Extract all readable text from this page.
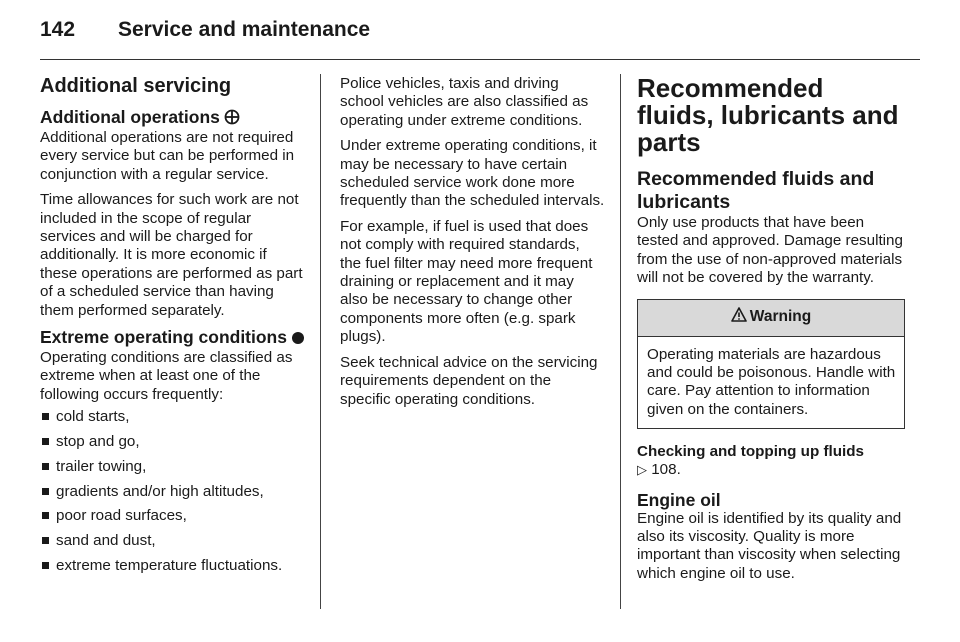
142 Service and maintenance
Additional servicing
Additional operations

Additional operations are not required every service but can be performed in conjunction with a regular service.

Time allowances for such work are not included in the scope of regular services and will be charged for additionally. It is more economic if these operations are performed as part of a scheduled service than having them performed separately.

Extreme operating conditions

Operating conditions are classified as extreme when at least one of the following occurs frequently:

cold starts,
stop and go,
trailer towing,
gradients and/or high altitudes,
poor road surfaces,
sand and dust,
extreme temperature fluctuations.

Police vehicles, taxis and driving school vehicles are also classified as operating under extreme conditions.

Under extreme operating conditions, it may be necessary to have certain scheduled service work done more frequently than the scheduled intervals.

For example, if fuel is used that does not comply with required standards, the fuel filter may need more frequent draining or replacement and it may also be necessary to change other components more often (e.g. spark plugs).

Seek technical advice on the servicing requirements dependent on the specific operating conditions.

Recommended fluids, lubricants and parts
Recommended fluids and lubricants

Only use products that have been tested and approved. Damage resulting from the use of non-approved materials will not be covered by the warranty.

Warning
Operating materials are hazardous and could be poisonous. Handle with care. Pay attention to information given on the containers.
Checking and topping up fluids

▷ 108.

Engine oil

Engine oil is identified by its quality and also its viscosity. Quality is more important than viscosity when selecting which engine oil to use.
